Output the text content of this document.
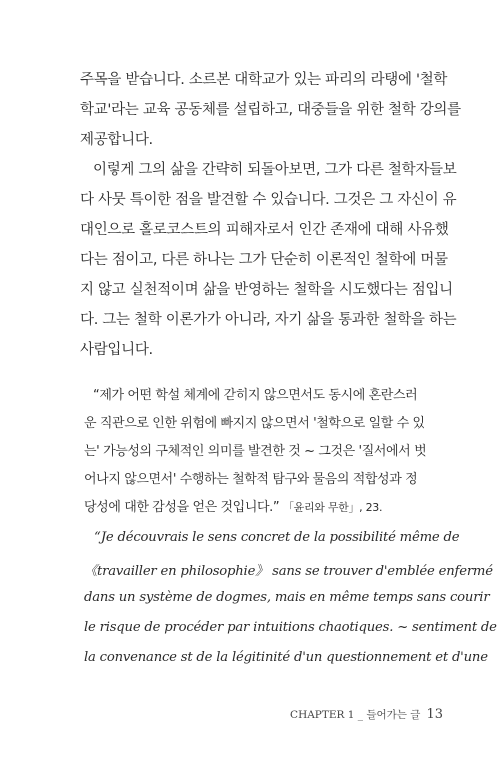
주목을 받습니다. 소르본 대학교가 있는 파리의 라탱에 '철학
학교'라는 교육 공동체를 설립하고, 대중들을 위한 철학 강의를
제공합니다.
이렇게 그의 삶을 간략히 되돌아보면, 그가 다른 철학자들보
다 사뭇 특이한 점을 발견할 수 있습니다. 그것은 그 자신이 유
대인으로 홀로코스트의 피해자로서 인간 존재에 대해 사유했
다는 점이고, 다른 하나는 그가 단순히 이론적인 철학에 머물
지 않고 실천적이며 삶을 반영하는 철학을 시도했다는 점입니
다. 그는 철학 이론가가 아니라, 자기 삶을 통과한 철학을 하는
사람입니다.
“제가 어떤 학설 체계에 갇히지 않으면서도 동시에 혼란스러
운 직관으로 인한 위험에 빠지지 않으면서 '철학으로 일할 수 있
는' 가능성의 구체적인 의미를 발견한 것 ~ 그것은 '질서에서 벗
어나지 않으면서' 수행하는 철학적 탐구와 물음의 적합성과 정
당성에 대한 감성을 얻은 것입니다.” 「윤리와 무한」, 23.
“Je découvrais le sens concret de la possibilité même de
《travailler en philosophie》 sans se trouver d'emblée enfermé
dans un système de dogmes, mais en même temps sans courir
le risque de procéder par intuitions chaotiques. ~ sentiment de
la convenance st de la légitinité d'un questionnement et d'une
CHAPTER 1 _ 들어가는 글 13
